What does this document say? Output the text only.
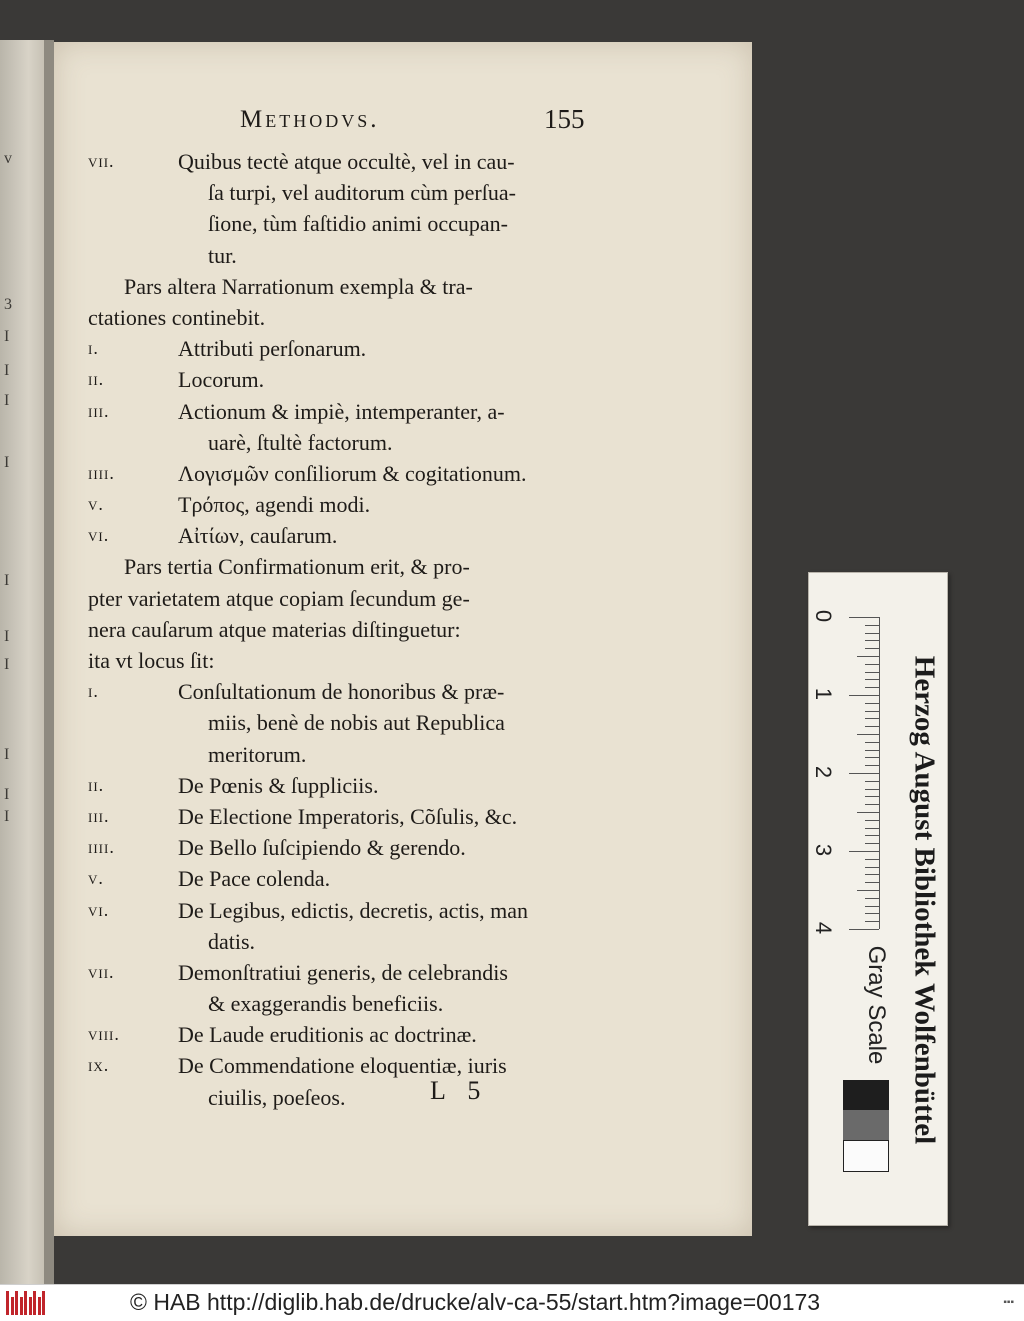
v
3
I
I
I
I
I
I
I
I
I
I
Methodvs.	155
vii.	Quibus tectè atque occultè, vel in cau-
ſa turpi, vel auditorum cùm perſua-
ſione, tùm faſtidio animi occupan-
tur.
Pars altera Narrationum exempla & tra-
ctationes continebit.
i.	Attributi perſonarum.
ii.	Locorum.
iii.	Actionum & impiè, intemperanter, a-
uarè, ſtultè factorum.
iiii.	Λογισμῶν conſiliorum & cogitationum.
v.	Τρόπος, agendi modi.
vi.	Αἰτίων, cauſarum.
Pars tertia Confirmationum erit, & pro-
pter varietatem atque copiam ſecundum ge-
nera cauſarum atque materias diſtinguetur:
ita vt locus ſit:
i.	Conſultationum de honoribus & præ-
miis, benè de nobis aut Republica
meritorum.
ii.	De Pœnis & ſuppliciis.
iii.	De Electione Imperatoris, Cõſulis, &c.
iiii.	De Bello ſuſcipiendo & gerendo.
v.	De Pace colenda.
vi.	De Legibus, edictis, decretis, actis, man
datis.
vii.	Demonſtratiui generis, de celebrandis
& exaggerandis beneficiis.
viii.	De Laude eruditionis ac doctrinæ.
ix.	De Commendatione eloquentiæ, iuris
ciuilis, poeſeos.	L 5
0
1
2
3
4 Herzog August Bibliothek Wolfenbüttel
Gray Scale
© HAB http://diglib.hab.de/drucke/alv-ca-55/start.htm?image=00173	▪▪▪
